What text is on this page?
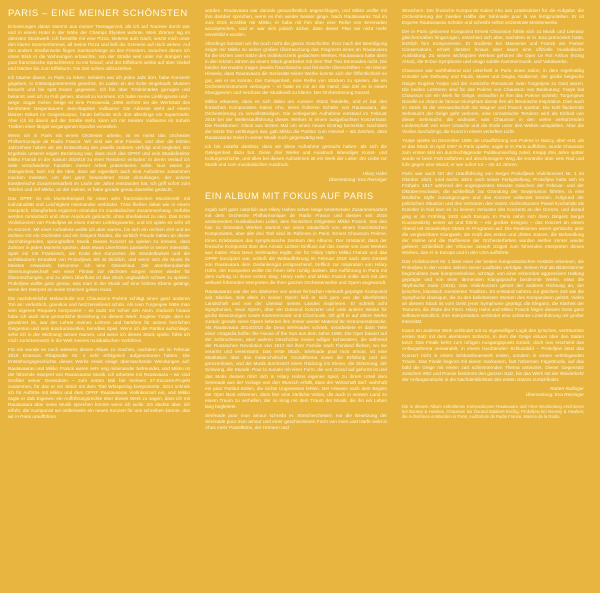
PARIS – EINE MEINER SCHÖNSTEN

Erinnerungen daran stammt aus meiner Teenagerzeit, als ich auf Tournee durch war und in einem Hotel in der Nähe der Champs Élysées wohnte. Mein Zimmer lag im obersten Stockwerk. Ich bestellte mir eine Pizza, kletterte aufs Dach, setzte mich unter den klaren Sommerhimmel, all meine Pizza und ließ die Szenerie auf mich wirken: Auf den andern Straßenseite fingen Samtvorhänge an den Fenstern, zwischen denen ich einen Blick in die Wohnungen erhaschte, von der Straße weit unter mir drangen ein paar französische Sprachfetzen zu mir hinauf, und der Eiffelturm wirkte auf über Giebel und Dächer bis zum Eiffelturm. Die Zeit schien stillzustehen.

Ich träume davon, in Paris zu leben. Seitdem war ich jedes Jahr dort, habe Konzerte gegeben, in Gästeappartements gewohnt, im Laden an der Ecke eingekauft, Museen besucht und bis spät Essen gegessen. Ich bin über Trödelmärkte gezogen und bekannt, weil ich zu Fuß gehen, überall zu kommen. Ich habe meine Lieblingsorte und -wege: Sagar meine Geige ist eine Pressenda ‚1865 verhört sie die Werkstatt des berühmten Geigenbauers Jean-Baptiste Vuillaume: Die Adresse steht auf einem kleinen Etikett im Geigenkorpus, heute befindet sich dort allerdings ein Supermarkt. Aber ich ist davon auf der Straße steht, kann ich mir Meister Vuillaume im trubeln Treiben einer längst vergangenen Epoche vorstellen.

Wenn ich in Paris mit einem Orchester arbeite, ist es meist das Orchestre Philharmonique de Radio France. Wir sind wie eine Familie, und über die letzten Jahrzehnte haben wir die Entwicklung des jeweils anderen verfolgt und begleitet. Ein Ergebnis unserer engen Beziehung war, dass mich das OPRF und sein Musikdirektor Mikko Franck in der Saison 2018/19 zu einer Residenz einluden: in deren Verlauf ich viele verschiedene Facetten meiner Arbeit präsentieren sollte. Nun waren ja Gelegenheit, kam mir die Idee, dass wir eigentlich auch eine Aufnahme zusammen machen müssten, um den ganz besonderen Geist einzufangen, der unsere künstlerische Zusammenarbeit im Laufe der Jahre entstanden hat. Ich griff sofort zum Telefon und rief Mikko, an der meinte, er habe gerade genau dasselbe gedacht.

Das OPRF ist ein Musterbeispiel für einen sehr französischen Musizierstil: mit individualität und Leichtigkeit miteinander verbindet. Töne fließen dabei wie in einem Gespräch. Klangfarben ergänzen einander im musikalischen Zusammenhang. Gefühle werden romantisch und ohne Ausdruck gebracht. ohne überladend zu sein. Das Erste Violinkonzert von Prokofjew ist eines meiner Lieblingswerke, und ich spiele es sehr oft im Konzert. Mit einer Aufnahme wollte ich aber warten, bis sich ein rechten Zeit und an rechten Ort ein Orchester und ein Dirigent fänden, die wirklich Freude hätten an dieser durchdringenden, sprunghaften Musik. Dieses Konzert so spielen zu können, dass Zuhörer in jeden Moment spürten, dass etwas Unerhörtes passierte in seiner Intensität, Spiel mir mit Frankreich, am Ende des Konzertes die Wandelbarkeit und die wohlklaubere Brutalität von Prokofjews Stil ist blicklich, und wenn sich die Musik ihr Meistes entwickelt, bekomme ich eine Gänsehaut. Die atemberaubende Stimmungswechsel von einer Phrase zur nächsten sorgen immer wieder für Überraschungen, und zu allem Überfluss ist das Stück unglaublich schwer zu spielen. Prokofjew wollte ganz genau, was man in der Musik auf eine höhere Ebene gelangt, wenn der Interpret an seine Grenzen gehen muss.

Die nachdenkliche Melancholie von Chaussons Poème schlägt einen ganz anderen Ton an: verletzlich, grandios und herzzerreißend schön. Als Ivan Turgenjew hätte man sein eigenes Requiem komponiert – es raubt mir schier den Atem. Dadurch hinaus habe ich auch eine persönliche Beziehung zu diesem Werk: Eugène Ysaÿe, dem es gewidmet ist, war der Lehrer meines Lehrers und berühmt für seinen herrlichen Geigenton und sein ausdrucksvolles, beredtes Spiel. Wenn ich die Partitur aufschlage, sehe ich in der Widmung seinen Namen, und wenn ich dieses Stück spiele, fühle ich mich zurückversetzt in die Welt meines musikalischen Vorfahren.

Für ein wunde es noch weiteres diesen Album zu machen, nachdem wir im Februar 2019 Enescus Rhapsodie Nr. 1 sehr erfolgreich aufgenommen hatten. Die Entstehungsgeschichte dieses Werks ereist einige überraschende Wendungen auf: Rautavaaras und Mikko Franck waren sehr eng miteinander befreundet, und Mikko ist der führende Interpret von Rautavaaras Musik. Ich arbeitete mit Rautavaara – wir sind Großter seiner Generation – zum ersten Mal bei meinem 27-Encores-Projekt zusammen, für das er ein Stück mit dem Titel Whispering komponierte. 2014 schrieb ich für Auftritte mit Mikko und dem OPRF Rautavaaras Violinkonzert ein, und Mikko sagte er daß Eigenes: ein Aufführungsrechte über dieses Werk zu sagen, dass ich mit Rautavaara über seine Musik sprechen könnte wenn ich wolle. Ich dachte aber, ich erfuhr, der Komponist sei mittlerweile ein neues Konzert für uns schreiben könnte, das wir in Paris uraufführen

würden. Rautavaara war damals gesundheitlich angeschlagen, und Mikko wollte mit ihm darüber sprechen, wenn es ihm wieder besser ginge. Nach Rautavaaras Tod im Juni 2016 erzählte mir Mikko, er habe mit ihm über eine Reihe von Serenaden anzusprechen, und er war sich jedoch sicher, dass dieser Plan sei nicht mehr verwirklicht worden.

Allerdings kannten wir ihn noch nicht die ganze Geschichte. Kurz nach der Beerdigung zeigte mir Mikko zu seiner großen Überraschung das Fragment eines an Rautavaara für die letzten zwei Sätze des Violinkonzerts gedachten Werkes. Rautavaara hatte dann in den letzten Jahren an einem Stück gearbeitet mit dem Titel Two Serenades nicht. Die beiden Serenaden tragen jeweils französische und finnische Überschriften – ein kleiner Hinweis, dass Rautavaara die Seriosität seiner Werke konnte sich der Öffentlichkeit so gut, wie er es konnte. Die Gelegenheit, eine Reihe von Stücken zu spielen, die ein Orchesterinstrument verlangen – er hatte es mir an die Hand, das Ziel es in einem Klanggewinn und Verdruss der Musikwelt zu klären. Der Orchestrierung Kanzel.

Mikko erkannte, dass es sich dabei um »unser« Stück handelte, und er bat den finnischen Komponisten Kalevi Aho, einen früheren Schüler von Rautavaara, die Orchestrierung zu vervollständigen. Die vorliegende Aufnahme entstand im Februar 2019 bei der Weltersaufführung dieses Werkes in einem ausgebuchten Konzertsaal. Die Reaktionen: Glück aus letzten Mal um einen neuen Eintrag bemerkte: Nachdem der letzte Ton verklungen war, gab Mikko die Partitur zum Himmel – als Zeichen, dass Rautavaaras Geist in seiner Musik noch gegenwärtig war.

Ich bin zutiefst dankbar, dass wir diese Aufnahme gemacht haben: als sich die Gelegenheit dazu bot. Diese drei Werke und Ausdruck lebendiger Kunst- und Kulturgeschichte, und alles bei diesen Aufnahmen ist ein Werk der Liebe: der Liebe zur Musik und zum musikalischen Ausdruck.

Hilary Hahn
Übersetzung: Eva Reisinger
EIN ALBUM MIT FOKUS AUF PARIS

ergab sich ganz natürlich aus Hilary Hahns schon lange bestehender Zusammenarbeit mit dem Orchestre Philharmonique de Radio France und dessen seit 2015 amtierendem musikalischen Leiter, dem finnischen Dirigenten Mikko Franck. Von den hier zu hörenden Werken stammt nur eines tatsächlich von einem französischen Komponisten, aber alle drei Titel sind im Rahmen in Paris. Ernest Chausson Poème, Eines Erlebnisses das symphonische Zentrum des Albums. Der Umstand, dass der finnische Komponist über den Ansatz Lichten Einfluss auf das zweite von zwei Werken aus Kalevi Ahos Deux Sérénades ergibt, der für Hilary Hahn Mikko Franck und das OPRF konzipiert war, schloß die Weltaufführung im Februar 2019 nach dem Gestalt von Rautavaara dem Gedankengut entsprechend, trefflich zur Inspiration von Hilary Hahn, der Komponist wollte mit ihnen sehr richtig danken. Die Aufführung in Paris mit dem Auftrag zu ihrem ersten Sieg: Hilary Hahn und Mikko Franck sollte sich mit den weltweit führenden Interpreten die ihrer ganzen Orchesterwerke und Opern angewandt.

Rautavaaras war der ein stärkeren von seiner ferrischen Herkunft geprägte Komponist seit Sibelius. Seit allein in seinen Opern ließ er sich gern von der überführten Landschaft und von der Literatur seines Landes inspirieren. Er schrieb acht Symphonien, neun Opern, über ein Dutzend Konzerte und viele andere Werke für große Besetzungen sowie Kammermusik und Chormusik. Oft griff er auf ältere Werke zurück: gerade seine Opern lieferten ihm immer wieder Material für Instrumentalstücke. Als Rautavaara 2014/2015 die Deux Sérénades schrieb, verarbeitete er darin Teile einer »tragedia buffa« the House of the Sun aus dem Jahre 1990. Die Oper basiert auf der zerbrochenen, aber wahren Geschichte zweier adliger Schwestern, die während der Russischen Revolution von 1917 mit ihrer Familie nach Finnland fliehen, wo sie verarmt und vereinsamt. Das erste Stück, Sérénade pour mon amour, ist eine Meditation über das melancholische Grundthema sowie die Erfüllung und ein grenzenloses, und die Musik durchsetzt einen Rückzug ins Kleine, die Stimmung, der Schwung, die Stunde. Pour la Sonate mit einer Form, die von Grund auf geformt ist und das Motiv dessen rührt sich in Hilary Hahns eigenes Spiel, zu ihrem Urteil dem Serenade aus der Vorlage von den Wunsch erfüllt, dass der Wirtschaft darf: wahrhaft ein paar Partitur-Zeilen, die nichts Ungewisses fehlen. Der Hinweis nach dem Beginn der Oper lässt erkennen, dass hier eine zärtliche Vision, die auch in seinem Land zu einem Traum zu verhelfen, der so innig mit dem Traum der Musik, die ihn ein Leben lang begleitete.

Sérénade pour mon amour schreibt er. Streicherchester: nur die Besetzung der Sérénade pour mon amour und einer geschlossenen Form von Horn und Harfe wirkt in Ahos mehr Pastelltöne, der Hörnern und

Streichern. Der finnische Komponist Kalevi Aho war prädestiniert für die Aufgabe, die Orchestrierung der zweiten Hälfte der Sérénade pour la vie fertigzustellen. Er ist Experte Rautavaaras Schüler und schreibt selbst orchestrale Meisterwerke.

Der in Paris geborene Komponist Ernest Chausson fühlte sich zu Musik und Literatur gleichermaßen hingezogen, entschied sich aber, nachdem er in Jura promoviert hatte, letztlich fürs Komponieren. Er studierte bei Massenet und Franck am Pariser Conservatoire, erhielt darüber hinaus aber kaum eine offizielle musikalische Ausbildung. Zu seinen wichtigsten Werken gehören die Oper Le Roi Arthus (König Artus), die B-Dur-Symphonie und einige subtile Kammermusik- und Vokalwerke.

Chausson war wohlhabend und unterhielt in Paris einen Salon, in dem regelmäßig Künstler wie Debussy und Fauré, Manet und Degas, Mallarmé, der große belgische Geiger Eugène Ysaÿe und der russische Romancier Iwan Turgenjew zu Gast waren. Die beiden Letzteren sind für das Poème von Chausson von Bedeutung: Ysaÿe bat Chausson um ein Werk für Geige, woraufhin er ihm das Poème schrieb; Turgenjews Novelle Le chant de l'amour triomphant diente ihm als literarische Inspiration. Dies auch im Stück ist die Verwandtschaft mit Wagner und Franck spürbar. Die kühl flackernde Sehnsucht der Geige geht verloren, eine romantische Tendenz wird als Einheit von dieser Sehnsucht, die andeutet, was Chausson in den vielen verkürzenden Leidenschaft von einer Ursache und die Ende unter den Wellen umspielten. Aber die Violine durchdringt, die Kunst in einem vertieften Licht.

Ysaÿe spielte im Dezember 1896 die Uraufführung von Poème in Nancy, aber erst, als er das Stück im April 1897 in Paris spielte, sagte er in Paris aufführte, wurde Chausson zum ersten Mal ein durchschlagender Publikumserfolg zuteil. Knapp drei Jahre später wurde er beim Fahrradfahren auf abschüssigem Weg die Kontrolle über sein Rad und fuhr gegen eine Wand; er war sofort tot – mit 44 Jahren.

Paris war auch Ort der Uraufführung von Sergei Prokofjews Violinkonzert Nr. 1 im Oktober 1923, rund sechs Jahre nach seiner Fertigstellung. Prokofjew hatte sich im Frühjahr 1917 während der angespannten Monate zwischen der Februar- und der Oktoberrevolution, die schließlich zur Gründung der Sowjetunion führten, in eine ländliche Idylle zurückgezogen und das Konzert vollendet können. Aufgrund der politischen Situation und des Vertrauen des Vaters Violinvirtuosen Paweł Kochański als Künstler in Kiel kam es zu keinem Verlusten des Konzerts an der Grenze, und darauf ging er im Frühling 1922 nach Europa. In Paris nahm sich dann Dirigent Sergei Koussewitzky seiner an und führte – ein großes Ereignis – das Konzert an einem Abend mit Strawinskys Oktett im Programm auf. Die Reaktionen waren gemischt, aber die vergleichbare Klangwelt, die Kraft des ersten und dritten Satzes, die Behandlung der Violine und die Raffinesse der Orchesterfarben wurden seither immer wieder gefeiert; schließlich der Virtuose Joseph Szigeti zum führenden Interpreten dieses Werkes, das er in Europa und in den USA aufführte.

Das Violinkonzert Nr. 1 lässt einer der beiden kompositorischen Ansätze erkennen, die Prokofjew in den ersten Jahren seiner Laufbahn verfolgte. Seinen Ruf als Bilderstürmer begründeten zwei kompromisslose, schräge, von einer erkennbar aggressiven Haltung geprägte und von einer lärmenden Klangsprache bestimmte Werke, etwa die Skythische Suite (1915). Das Violinkonzert gehört der anderen Richtung an, der lyrischen, klassisch orientierten Tradition. Es entstand nahezu zur gleichen Zeit wie die Symphonie classique, die zu den beliebtesten Werken des Komponisten gehört. Vieles an diesem Stück ist vom Geist jener Symphonie geprägt, die Eleganz, die Klarheit der Texturen, die Zitate der Form. Hilary Hahn und Mikko Franck folgen diesem Geist ganz selbstverständlich, ihre Interpretation verbindet eine schlanke Linienführung mit großer Intensität.

Kaum ein anderes Werk verbindet mit so eigenwilliger Logik den lyrischen, verträumten ersten Satz mit dem atemlosen Scherzo, in dem die Geige virtuos über den Saiten tanzt. Das Finale kehrt zum ruhigen Ausgangspunkt zurück, doch nun erscheint das Anfangsthema verwandelt, in einem leuchtenden Schlussbild – Prokofjew lässt das Konzert nicht in einem Schlussfeuerwerk enden, sondern in einem verklingenden Traum. Das Finale beginnt mit einem markanten, fast hölzernen Fagottmotiv, auf das bald die Geige mit einem zart schimmernden Thema antwortet. Dieser Gegensatz zwischen Witz und Poesie bestimmt den ganzen Satz, bis das Werk mit der Wiederkehr der Anfangsmelodie in die Nachdenklichkeit des ersten Satzes zurückfindet.

Robert Rullinger
Übersetzung: Eva Reisinger
Die in diesem Album enthaltenen Kompositionen Rautavaara und Ahos Bearbeitung erschienen bei Boosey & Hawkes, Chausson bei Durand-Salabert-Eschig, Prokofjew bei Boosey & Hawkes; die Aufnahmen entstanden in Paris, Auditorium de Radio France, Maison de la Radio.
